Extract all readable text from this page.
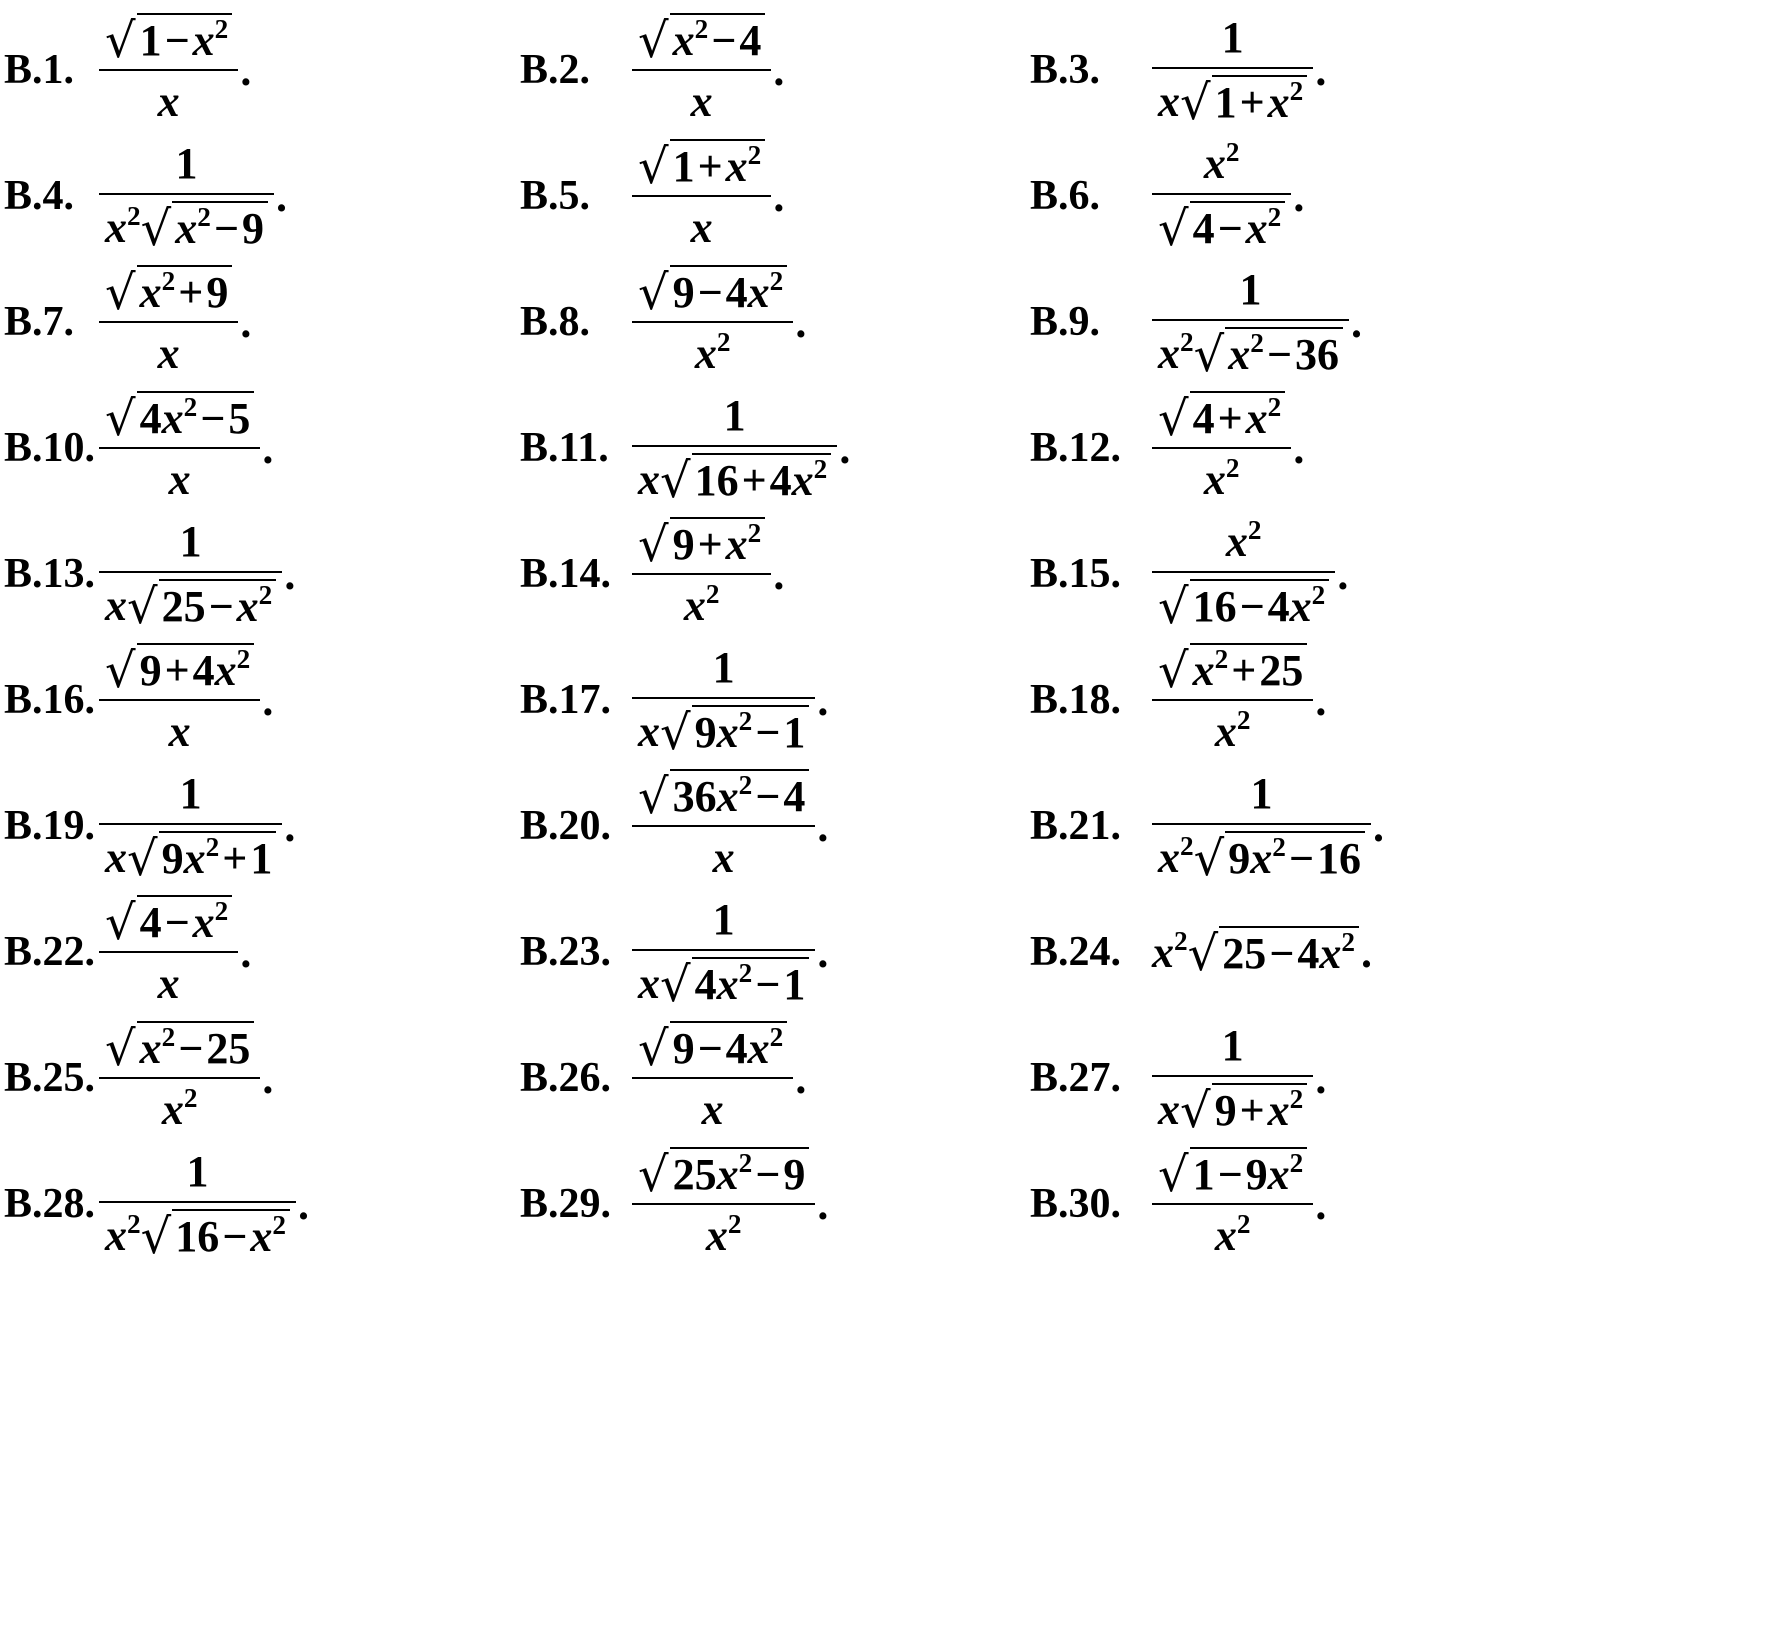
B.1. $\frac{√ 1-x^2}{x}$ .	B.2. $\frac{√ x^2-4}{x}$ .	B.3. $\frac{1}{x √ 1+x^2}$ .
B.4. $\frac{1}{x^2 √ x^2-9}$ .	B.5. $\frac{√ 1+x^2}{x}$ .	B.6. $\frac{x^2}{√ 4-x^2}$ .
B.7. $\frac{√ x^2+9}{x}$ .	B.8. $\frac{√ 9-4x^2}{x^2}$ .	B.9. $\frac{1}{x^2 √ x^2-36}$ .
B.10. $\frac{√ 4x^2-5}{x}$ .	B.11. $\frac{1}{x √ 16+4x^2}$ .	B.12. $\frac{√ 4+x^2}{x^2}$ .
B.13. $\frac{1}{x √ 25-x^2}$ .	B.14. $\frac{√ 9+x^2}{x^2}$ .	B.15. $\frac{x^2}{√ 16-4x^2}$ .
B.16. $\frac{√ 9+4x^2}{x}$ .	B.17. $\frac{1}{x √ 9x^2-1}$ .	B.18. $\frac{√ x^2+25}{x^2}$ .
B.19. $\frac{1}{x √ 9x^2+1}$ .	B.20. $\frac{√ 36x^2-4}{x}$ .	B.21. $\frac{1}{x^2 √ 9x^2-16}$ .
B.22. $\frac{√ 4-x^2}{x}$ .	B.23. $\frac{1}{x √ 4x^2-1}$ .	B.24. $x^2$ √ $25-4x^2$ .
B.25. $\frac{√ x^2-25}{x^2}$ .	B.26. $\frac{√ 9-4x^2}{x}$ .	B.27. $\frac{1}{x √ 9+x^2}$ .
B.28. $\frac{1}{x^2 √ 16-x^2}$ .	B.29. $\frac{√ 25x^2-9}{x^2}$ .	B.30. $\frac{√ 1-9x^2}{x^2}$ .
